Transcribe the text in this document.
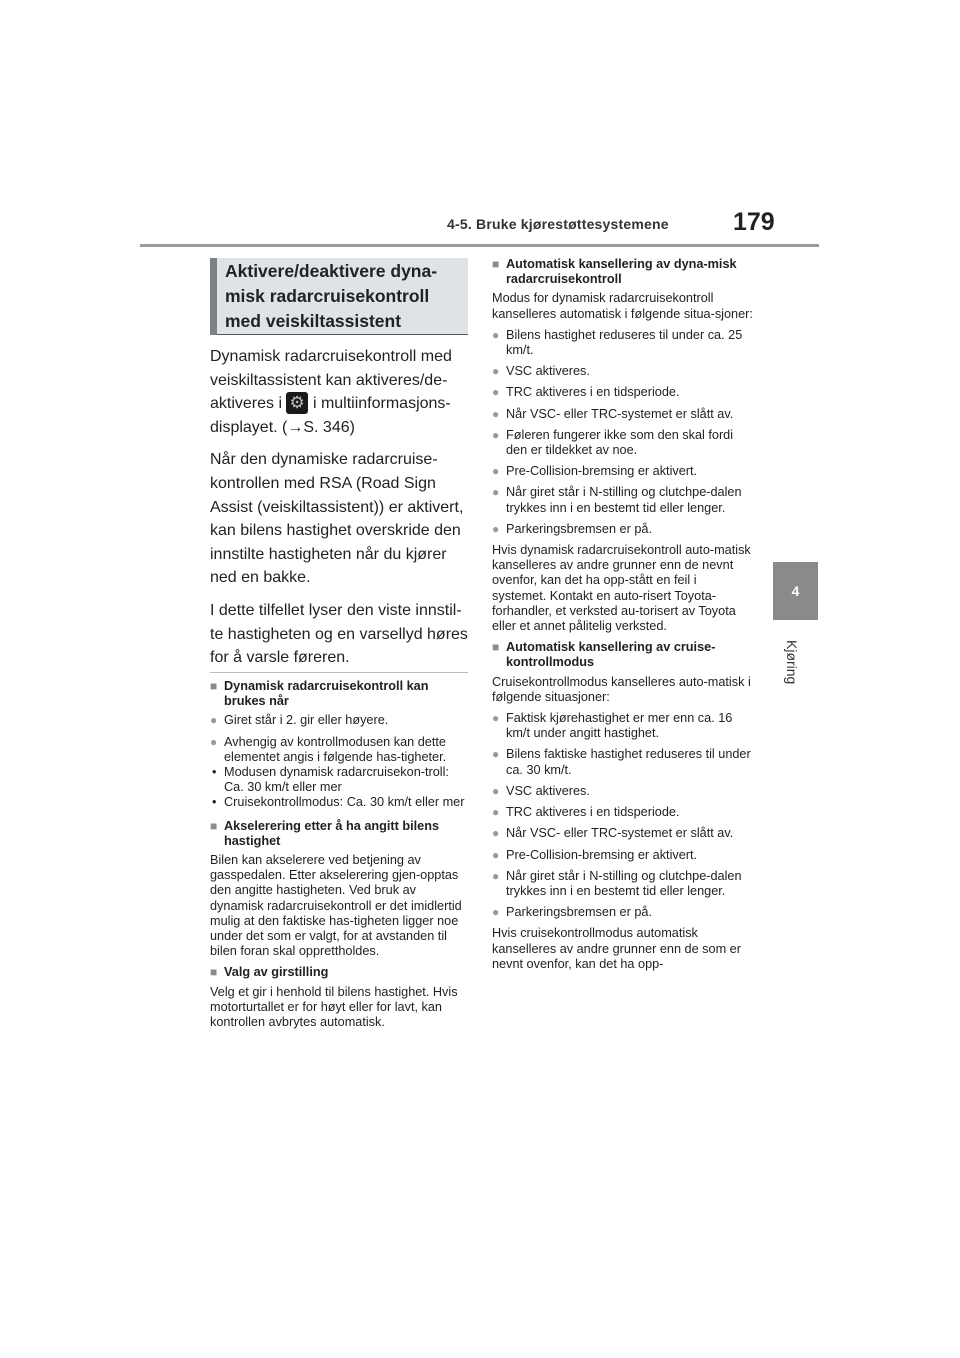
4-5. Bruke kjørestøttesystemene	179
4
Kjøring
Aktivere/deaktivere dyna-
misk radarcruisekontroll
med veiskiltassistent

Dynamisk radarcruisekontroll med veiskiltassistent kan aktiveres/de-aktiveres i ⚙ i multiinformasjons-displayet. (→S. 346)

Når den dynamiske radarcruise-kontrollen med RSA (Road Sign Assist (veiskiltassistent)) er aktivert, kan bilens hastighet overskride den innstilte hastigheten når du kjører ned en bakke.

I dette tilfellet lyser den viste innstil-te hastigheten og en varsellyd høres for å varsle føreren.

■ Dynamisk radarcruisekontroll kan brukes når
● Giret står i 2. gir eller høyere.
● Avhengig av kontrollmodusen kan dette elementet angis i følgende has-tigheter.
• Modusen dynamisk radarcruisekon-troll: Ca. 30 km/t eller mer
• Cruisekontrollmodus: Ca. 30 km/t eller mer
■ Akselerering etter å ha angitt bilens hastighet
Bilen kan akselerere ved betjening av gasspedalen. Etter akselerering gjen-opptas den angitte hastigheten. Ved bruk av dynamisk radarcruisekontroll er det imidlertid mulig at den faktiske has-tigheten ligger noe under det som er valgt, for at avstanden til bilen foran skal opprettholdes.
■ Valg av girstilling
Velg et gir i henhold til bilens hastighet. Hvis motorturtallet er for høyt eller for lavt, kan kontrollen avbrytes automatisk.
■ Automatisk kansellering av dyna-misk radarcruisekontroll
Modus for dynamisk radarcruisekontroll kanselleres automatisk i følgende situa-sjoner:
● Bilens hastighet reduseres til under ca. 25 km/t.
● VSC aktiveres.
● TRC aktiveres i en tidsperiode.
● Når VSC- eller TRC-systemet er slått av.
● Føleren fungerer ikke som den skal fordi den er tildekket av noe.
● Pre-Collision-bremsing er aktivert.
● Når giret står i N-stilling og clutchpe-dalen trykkes inn i en bestemt tid eller lenger.
● Parkeringsbremsen er på.
Hvis dynamisk radarcruisekontroll auto-matisk kanselleres av andre grunner enn de nevnt ovenfor, kan det ha opp-stått en feil i systemet. Kontakt en auto-risert Toyota-forhandler, et verksted au-torisert av Toyota eller et annet pålitelig verksted.
■ Automatisk kansellering av cruise-kontrollmodus
Cruisekontrollmodus kanselleres auto-matisk i følgende situasjoner:
● Faktisk kjørehastighet er mer enn ca. 16 km/t under angitt hastighet.
● Bilens faktiske hastighet reduseres til under ca. 30 km/t.
● VSC aktiveres.
● TRC aktiveres i en tidsperiode.
● Når VSC- eller TRC-systemet er slått av.
● Pre-Collision-bremsing er aktivert.
● Når giret står i N-stilling og clutchpe-dalen trykkes inn i en bestemt tid eller lenger.
● Parkeringsbremsen er på.
Hvis cruisekontrollmodus automatisk kanselleres av andre grunner enn de som er nevnt ovenfor, kan det ha opp-
